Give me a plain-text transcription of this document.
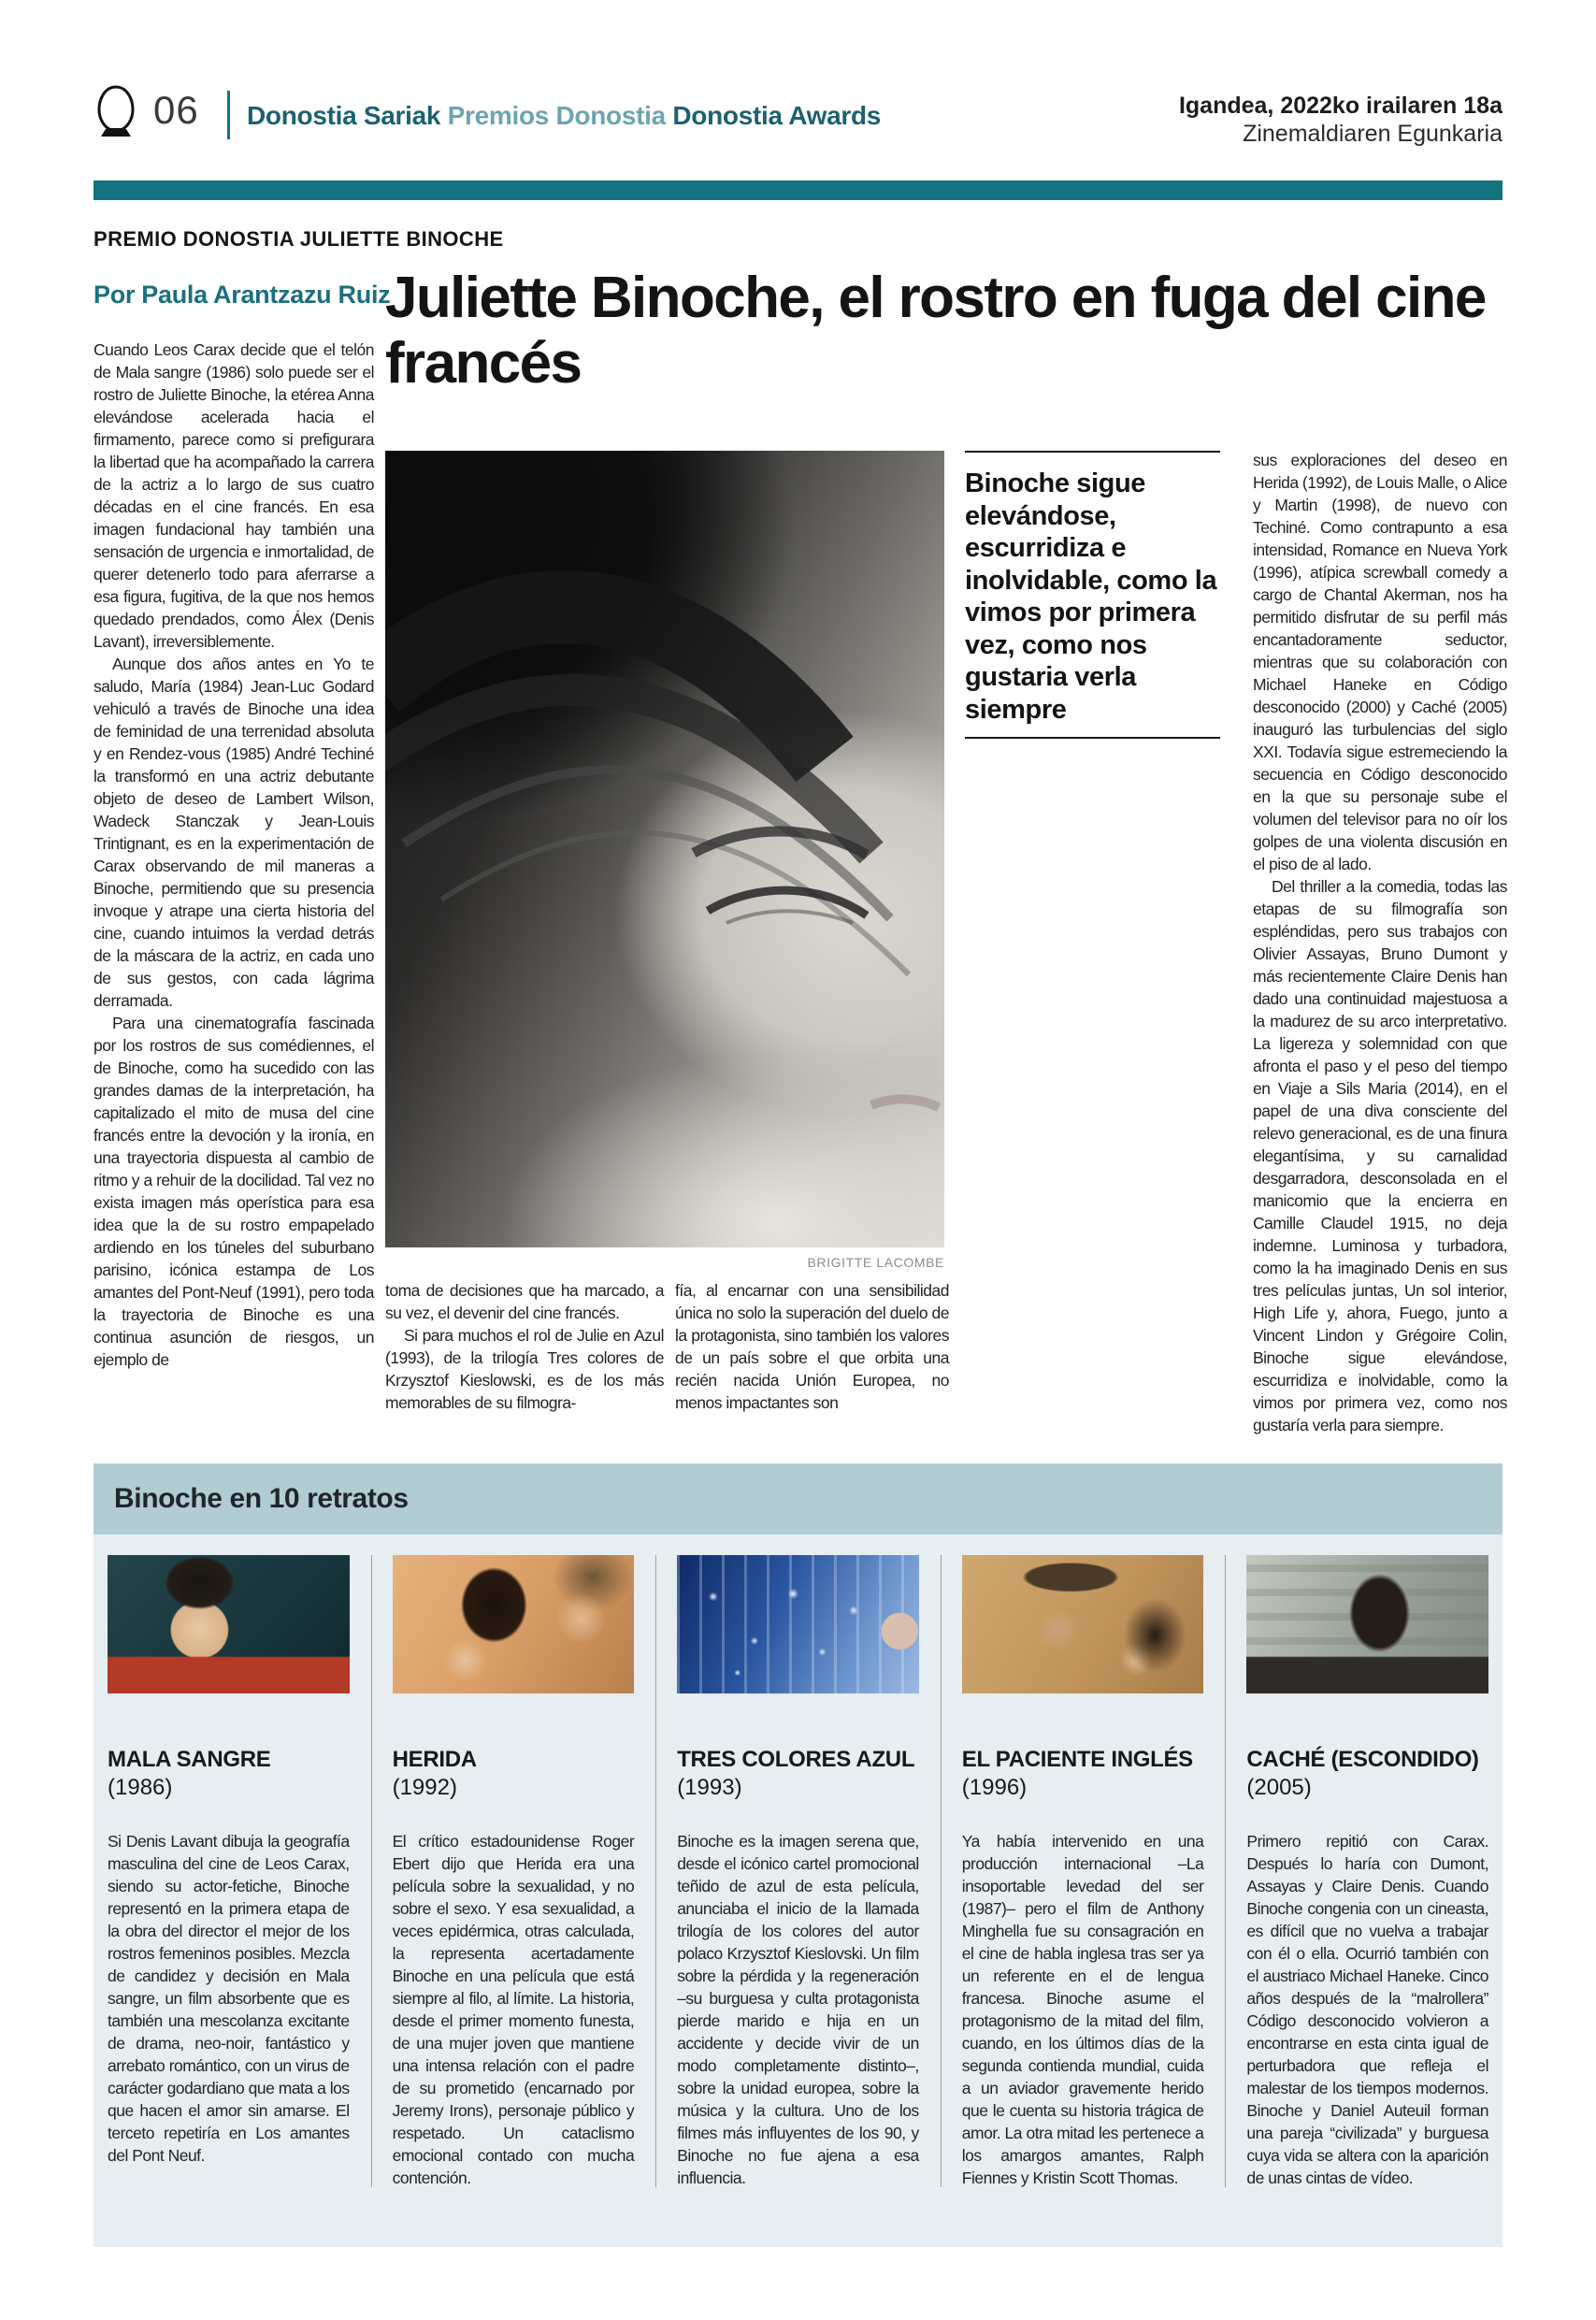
06 Donostia Sariak Premios Donostia Donostia Awards	Igandea, 2022ko irailaren 18a
Zinemaldiaren Egunkaria
PREMIO DONOSTIA JULIETTE BINOCHE
Por Paula Arantzazu Ruiz
Juliette Binoche, el rostro en fuga del cine francés

Cuando Leos Carax decide que el telón de Mala sangre (1986) solo puede ser el rostro de Juliette Binoche, la etérea Anna elevándose acelerada hacia el firmamento, parece como si prefigurara la libertad que ha acompañado la carrera de la actriz a lo largo de sus cuatro décadas en el cine francés. En esa imagen fundacional hay también una sensación de urgencia e inmortalidad, de querer detenerlo todo para aferrarse a esa figura, fugitiva, de la que nos hemos quedado prendados, como Álex (Denis Lavant), irreversiblemente.

Aunque dos años antes en Yo te saludo, María (1984) Jean-Luc Godard vehiculó a través de Binoche una idea de feminidad de una terrenidad absoluta y en Rendez-vous (1985) André Techiné la transformó en una actriz debutante objeto de deseo de Lambert Wilson, Wadeck Stanczak y Jean-Louis Trintignant, es en la experimentación de Carax observando de mil maneras a Binoche, permitiendo que su presencia invoque y atrape una cierta historia del cine, cuando intuimos la verdad detrás de la máscara de la actriz, en cada uno de sus gestos, con cada lágrima derramada.

Para una cinematografía fascinada por los rostros de sus comédiennes, el de Binoche, como ha sucedido con las grandes damas de la interpretación, ha capitalizado el mito de musa del cine francés entre la devoción y la ironía, en una trayectoria dispuesta al cambio de ritmo y a rehuir de la docilidad. Tal vez no exista imagen más operística para esa idea que la de su rostro empapelado ardiendo en los túneles del suburbano parisino, icónica estampa de Los amantes del Pont-Neuf (1991), pero toda la trayectoria de Binoche es una continua asunción de riesgos, un ejemplo de

BRIGITTE LACOMBE

toma de decisiones que ha marcado, a su vez, el devenir del cine francés.

Si para muchos el rol de Julie en Azul (1993), de la trilogía Tres colores de Krzysztof Kieslowski, es de los más memorables de su filmogra-

fía, al encarnar con una sensibilidad única no solo la superación del duelo de la protagonista, sino también los valores de un país sobre el que orbita una recién nacida Unión Europea, no menos impactantes son

Binoche sigue elevándose, escurridiza e inolvidable, como la vimos por primera vez, como nos gustaria verla siempre

sus exploraciones del deseo en Herida (1992), de Louis Malle, o Alice y Martin (1998), de nuevo con Techiné. Como contrapunto a esa intensidad, Romance en Nueva York (1996), atípica screwball comedy a cargo de Chantal Akerman, nos ha permitido disfrutar de su perfil más encantadoramente seductor, mientras que su colaboración con Michael Haneke en Código desconocido (2000) y Caché (2005) inauguró las turbulencias del siglo XXI. Todavía sigue estremeciendo la secuencia en Código desconocido en la que su personaje sube el volumen del televisor para no oír los golpes de una violenta discusión en el piso de al lado.

Del thriller a la comedia, todas las etapas de su filmografía son espléndidas, pero sus trabajos con Olivier Assayas, Bruno Dumont y más recientemente Claire Denis han dado una continuidad majestuosa a la madurez de su arco interpretativo. La ligereza y solemnidad con que afronta el paso y el peso del tiempo en Viaje a Sils Maria (2014), en el papel de una diva consciente del relevo generacional, es de una finura elegantísima, y su carnalidad desgarradora, desconsolada en el manicomio que la encierra en Camille Claudel 1915, no deja indemne. Luminosa y turbadora, como la ha imaginado Denis en sus tres películas juntas, Un sol interior, High Life y, ahora, Fuego, junto a Vincent Lindon y Grégoire Colin, Binoche sigue elevándose, escurridiza e inolvidable, como la vimos por primera vez, como nos gustaría verla para siempre.

Binoche en 10 retratos
MALA SANGRE
(1986)
Si Denis Lavant dibuja la geografía masculina del cine de Leos Carax, siendo su actor-fetiche, Binoche representó en la primera etapa de la obra del director el mejor de los rostros femeninos posibles. Mezcla de candidez y decisión en Mala sangre, un film absorbente que es también una mescolanza excitante de drama, neo-noir, fantástico y arrebato romántico, con un virus de carácter godardiano que mata a los que hacen el amor sin amarse. El terceto repetiría en Los amantes del Pont Neuf.
HERIDA
(1992)
El crítico estadounidense Roger Ebert dijo que Herida era una película sobre la sexualidad, y no sobre el sexo. Y esa sexualidad, a veces epidérmica, otras calculada, la representa acertadamente Binoche en una película que está siempre al filo, al límite. La historia, desde el primer momento funesta, de una mujer joven que mantiene una intensa relación con el padre de su prometido (encarnado por Jeremy Irons), personaje público y respetado. Un cataclismo emocional contado con mucha contención.
TRES COLORES AZUL
(1993)
Binoche es la imagen serena que, desde el icónico cartel promocional teñido de azul de esta película, anunciaba el inicio de la llamada trilogía de los colores del autor polaco Krzysztof Kieslovski. Un film sobre la pérdida y la regeneración –su burguesa y culta protagonista pierde marido e hija en un accidente y decide vivir de un modo completamente distinto–, sobre la unidad europea, sobre la música y la cultura. Uno de los filmes más influyentes de los 90, y Binoche no fue ajena a esa influencia.
EL PACIENTE INGLÉS
(1996)
Ya había intervenido en una producción internacional –La insoportable levedad del ser (1987)– pero el film de Anthony Minghella fue su consagración en el cine de habla inglesa tras ser ya un referente en el de lengua francesa. Binoche asume el protagonismo de la mitad del film, cuando, en los últimos días de la segunda contienda mundial, cuida a un aviador gravemente herido que le cuenta su historia trágica de amor. La otra mitad les pertenece a los amargos amantes, Ralph Fiennes y Kristin Scott Thomas.
CACHÉ (ESCONDIDO)
(2005)
Primero repitió con Carax. Después lo haría con Dumont, Assayas y Claire Denis. Cuando Binoche congenia con un cineasta, es difícil que no vuelva a trabajar con él o ella. Ocurrió también con el austriaco Michael Haneke. Cinco años después de la “malrollera” Código desconocido volvieron a encontrarse en esta cinta igual de perturbadora que refleja el malestar de los tiempos modernos. Binoche y Daniel Auteuil forman una pareja “civilizada” y burguesa cuya vida se altera con la aparición de unas cintas de vídeo.
